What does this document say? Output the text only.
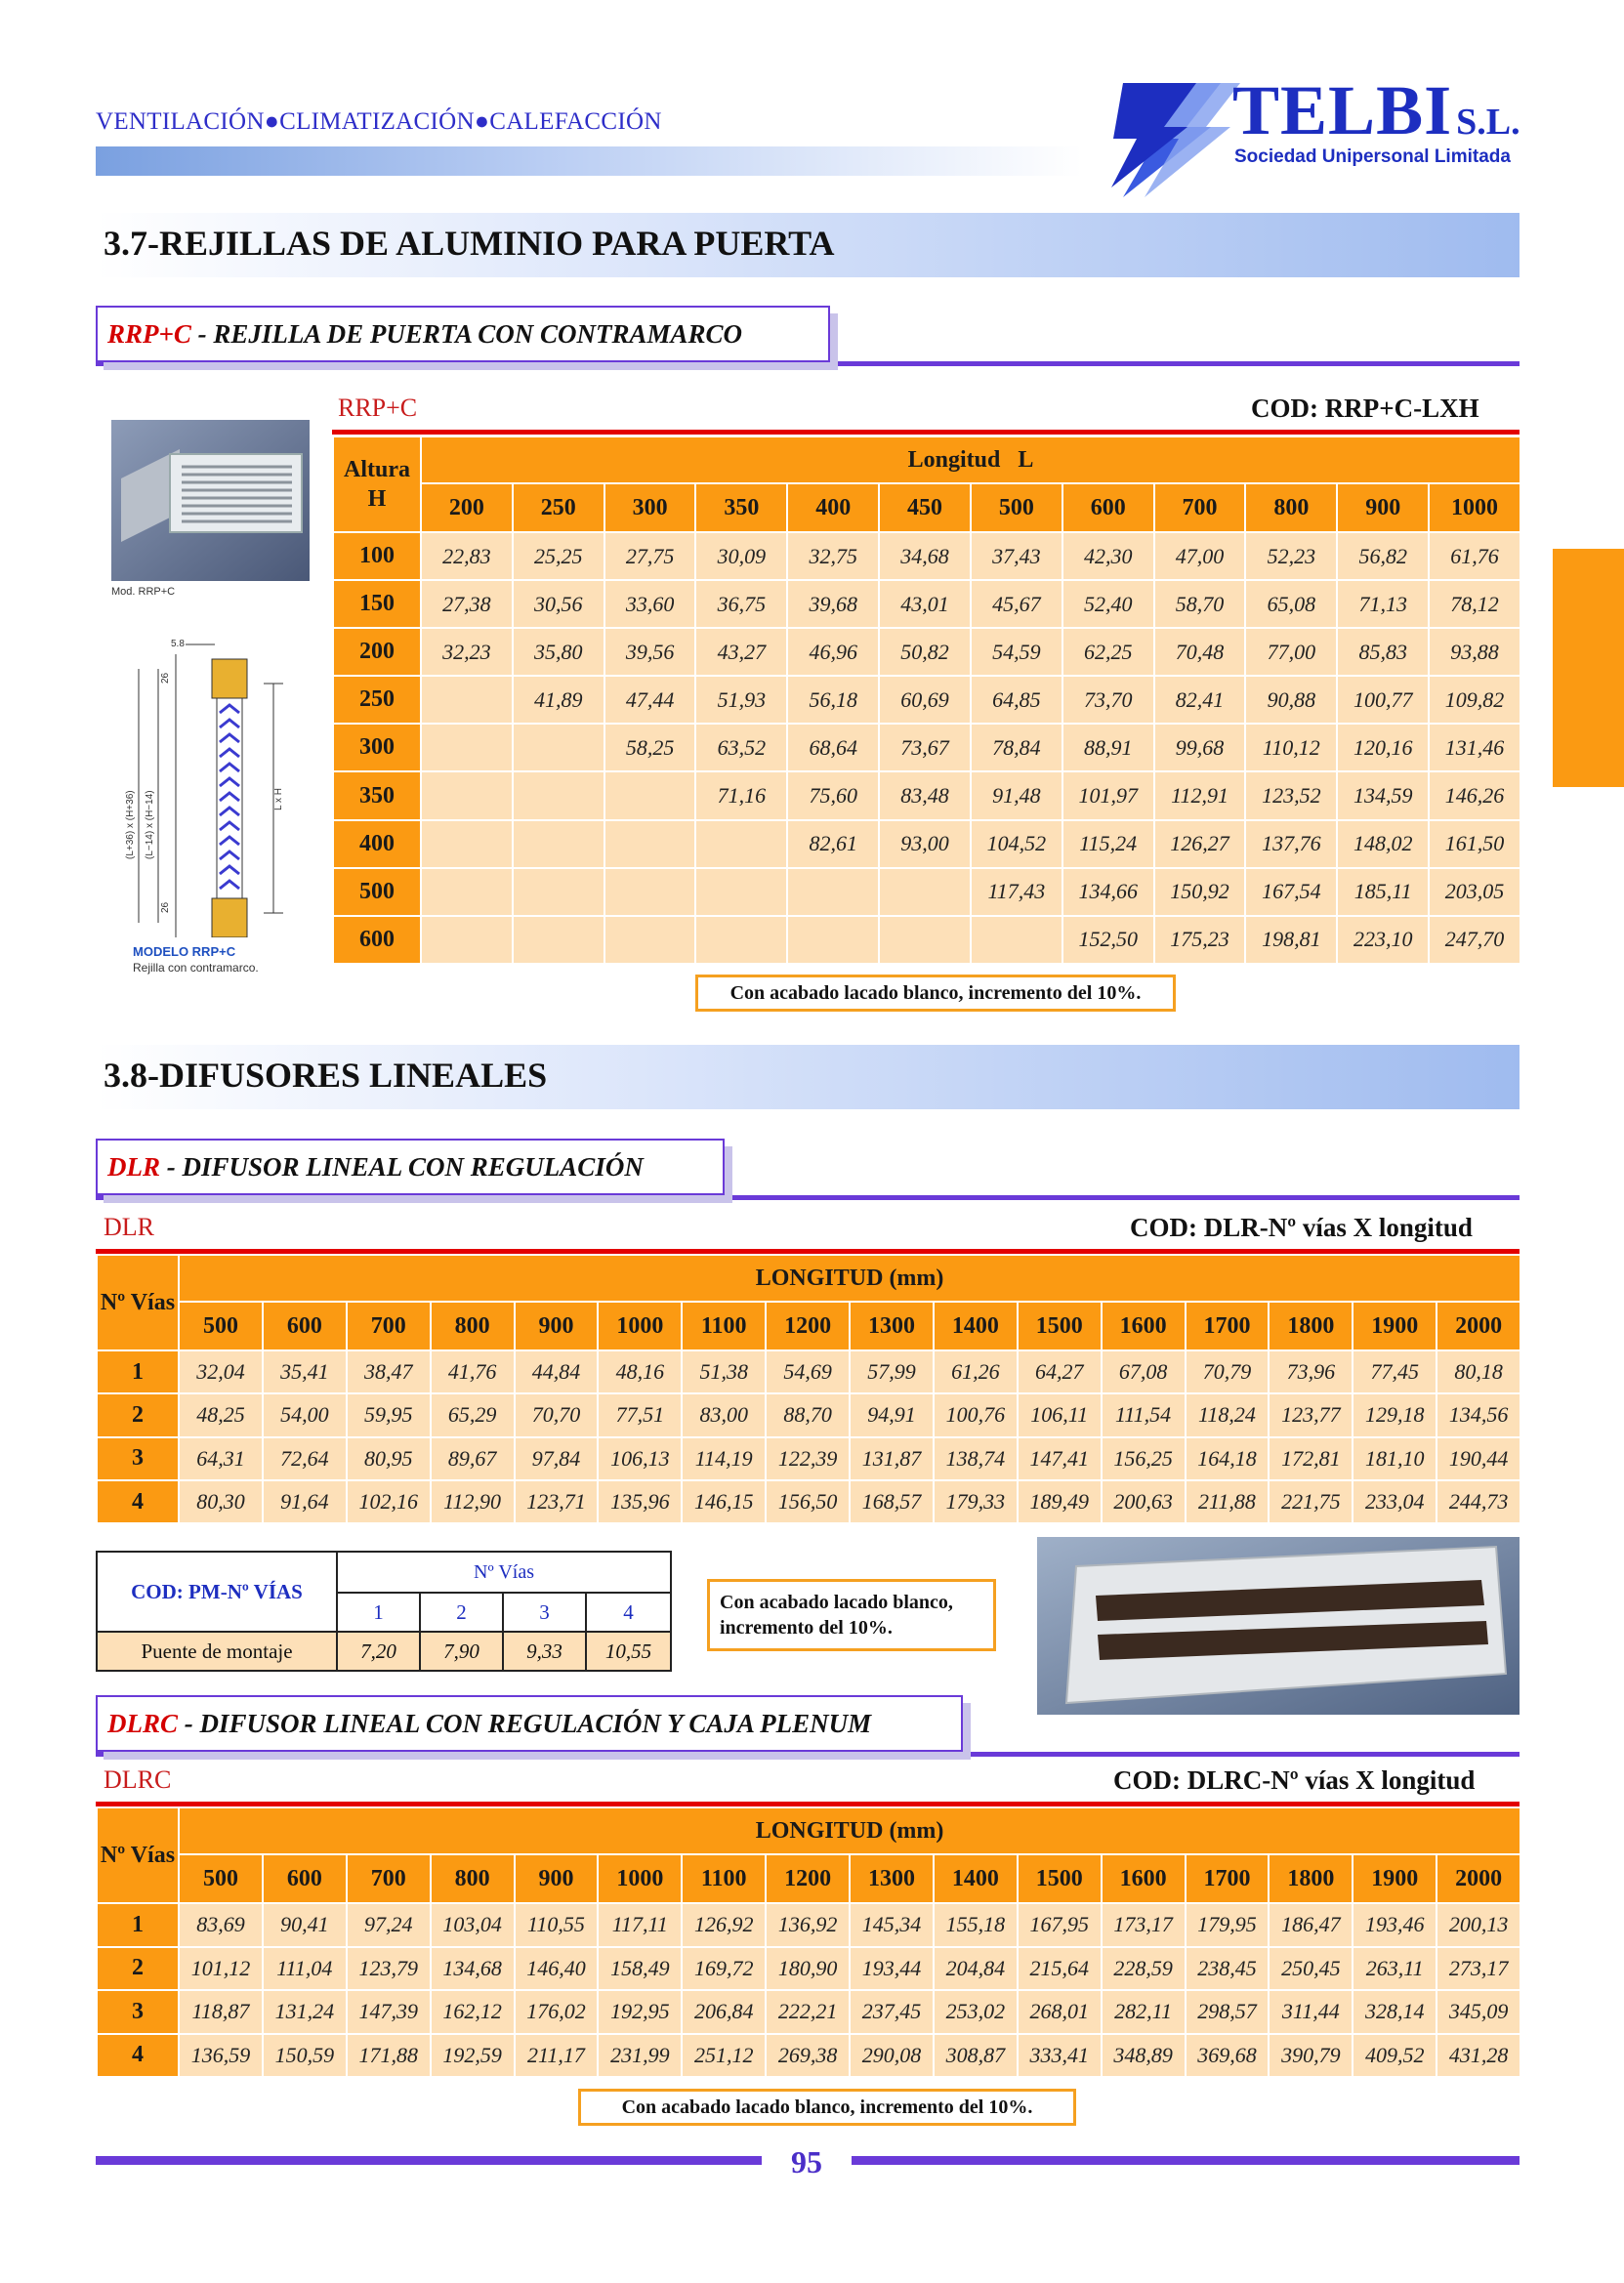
VENTILACIÓN●CLIMATIZACIÓN●CALEFACCIÓN	TELBI S.L.
Sociedad Unipersonal Limitada
3.7-REJILLAS DE ALUMINIO PARA PUERTA
RRP+C - REJILLA DE PUERTA CON CONTRAMARCO
Mod. RRP+C
5.8
26
26
(L+36) x (H+36) (L−14) x (H−14)	L x H
MODELO RRP+C
Rejilla con contramarco.
RRP+C	COD: RRP+C-LXH
Altura H	Longitud   L											
	200	250	300	350	400	450	500	600	700	800	900	1000
100	22,83	25,25	27,75	30,09	32,75	34,68	37,43	42,30	47,00	52,23	56,82	61,76
150	27,38	30,56	33,60	36,75	39,68	43,01	45,67	52,40	58,70	65,08	71,13	78,12
200	32,23	35,80	39,56	43,27	46,96	50,82	54,59	62,25	70,48	77,00	85,83	93,88
250		41,89	47,44	51,93	56,18	60,69	64,85	73,70	82,41	90,88	100,77	109,82
300			58,25	63,52	68,64	73,67	78,84	88,91	99,68	110,12	120,16	131,46
350				71,16	75,60	83,48	91,48	101,97	112,91	123,52	134,59	146,26
400					82,61	93,00	104,52	115,24	126,27	137,76	148,02	161,50
500							117,43	134,66	150,92	167,54	185,11	203,05
600								152,50	175,23	198,81	223,10	247,70
Con acabado lacado blanco, incremento del 10%.
3.8-DIFUSORES LINEALES
DLR - DIFUSOR LINEAL CON REGULACIÓN
DLR	COD: DLR-Nº vías X longitud
Nº Vías	LONGITUD (mm)															
	500	600	700	800	900	1000	1100	1200	1300	1400	1500	1600	1700	1800	1900	2000
1	32,04	35,41	38,47	41,76	44,84	48,16	51,38	54,69	57,99	61,26	64,27	67,08	70,79	73,96	77,45	80,18
2	48,25	54,00	59,95	65,29	70,70	77,51	83,00	88,70	94,91	100,76	106,11	111,54	118,24	123,77	129,18	134,56
3	64,31	72,64	80,95	89,67	97,84	106,13	114,19	122,39	131,87	138,74	147,41	156,25	164,18	172,81	181,10	190,44
4	80,30	91,64	102,16	112,90	123,71	135,96	146,15	156,50	168,57	179,33	189,49	200,63	211,88	221,75	233,04	244,73
COD: PM-Nº VÍAS	Nº Vías			
	1	2	3	4
Puente de montaje	7,20	7,90	9,33	10,55
Con acabado lacado blanco, incremento del 10%.
DLRC - DIFUSOR LINEAL CON REGULACIÓN Y CAJA PLENUM
DLRC	COD: DLRC-Nº vías X longitud
Nº Vías	LONGITUD (mm)															
	500	600	700	800	900	1000	1100	1200	1300	1400	1500	1600	1700	1800	1900	2000
1	83,69	90,41	97,24	103,04	110,55	117,11	126,92	136,92	145,34	155,18	167,95	173,17	179,95	186,47	193,46	200,13
2	101,12	111,04	123,79	134,68	146,40	158,49	169,72	180,90	193,44	204,84	215,64	228,59	238,45	250,45	263,11	273,17
3	118,87	131,24	147,39	162,12	176,02	192,95	206,84	222,21	237,45	253,02	268,01	282,11	298,57	311,44	328,14	345,09
4	136,59	150,59	171,88	192,59	211,17	231,99	251,12	269,38	290,08	308,87	333,41	348,89	369,68	390,79	409,52	431,28
Con acabado lacado blanco, incremento del 10%.
95
